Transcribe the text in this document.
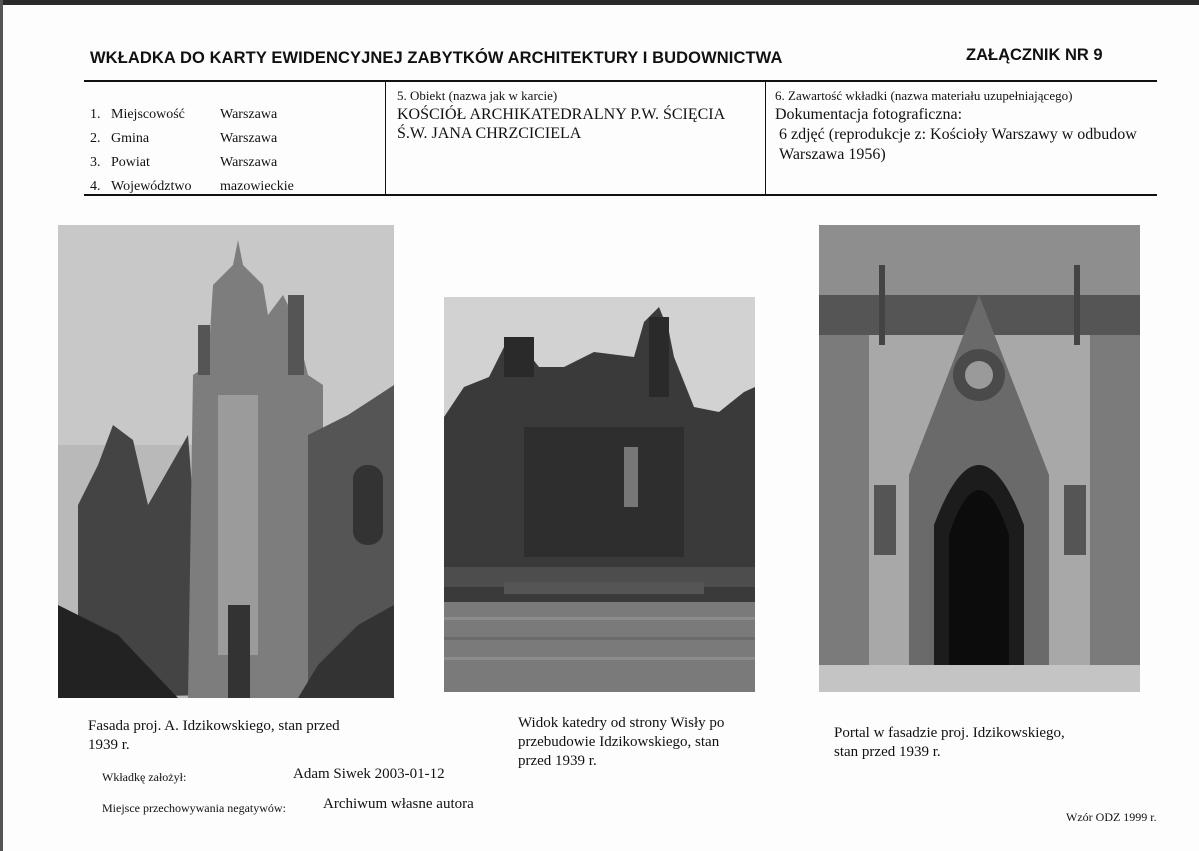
WKŁADKA DO KARTY EWIDENCYJNEJ ZABYTKÓW ARCHITEKTURY I BUDOWNICTWA	ZAŁĄCZNIK NR 9
1. Miejscowość	Warszawa
2. Gmina	Warszawa
3. Powiat	Warszawa
4. Województwo mazowieckie
5. Obiekt (nazwa jak w karcie)
KOŚCIÓŁ ARCHIKATEDRALNY P.W. ŚCIĘCIA
Ś.W. JANA CHRZCICIELA
6. Zawartość wkładki (nazwa materiału uzupełniającego)
Dokumentacja fotograficzna:
6 zdjęć (reprodukcje z: Kościoły Warszawy w odbudow
Warszawa 1956)
Fasada proj. A. Idzikowskiego, stan przed
1939 r.
Widok katedry od strony Wisły po
przebudowie Idzikowskiego, stan
przed 1939 r.
Portal w fasadzie proj. Idzikowskiego,
stan przed 1939 r.
Wkładkę założył:	Adam Siwek 2003-01-12
Miejsce przechowywania negatywów: Archiwum własne autora
Wzór ODZ 1999 r.
